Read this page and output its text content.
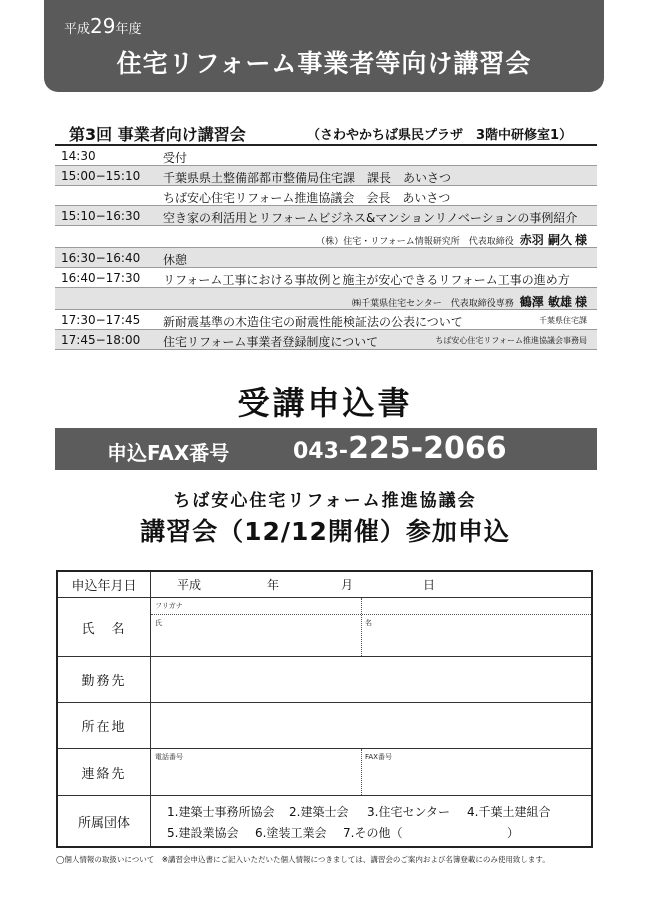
平成29年度
住宅リフォーム事業者等向け講習会
第3回 事業者向け講習会	（さわやかちば県民プラザ　3階中研修室1）
14:30	受付
15:00−15:10 千葉県県土整備部都市整備局住宅課　課長　あいさつ
ちば安心住宅リフォーム推進協議会　会長　あいさつ
15:10−16:30 空き家の利活用とリフォームビジネス&マンションリノベーションの事例紹介
（株）住宅・リフォーム情報研究所　代表取締役 赤羽 嗣久 様
16:30−16:40 休憩
16:40−17:30 リフォーム工事における事故例と施主が安心できるリフォーム工事の進め方
㈱千葉県住宅センター　代表取締役専務 鶴澤 敏雄 様
17:30−17:45 新耐震基準の木造住宅の耐震性能検証法の公表について	千葉県住宅課
17:45−18:00 住宅リフォーム事業者登録制度について	ちば安心住宅リフォーム推進協議会事務局
受講申込書
申込FAX番号	043-225-2066
ちば安心住宅リフォーム推進協議会
講習会（12/12開催）参加申込
申込年月日	平成	年	月	日
氏　名
フリガナ
氏	名
勤務先
所在地
連絡先
電話番号	FAX番号
所属団体
1.建築士事務所協会 2.建築士会 3.住宅センター 4.千葉土建組合
5.建設業協会 6.塗装工業会 7.その他（	）
◯個人情報の取扱いについて　※講習会申込書にご記入いただいた個人情報につきましては、講習会のご案内および名簿登載にのみ使用致します。
